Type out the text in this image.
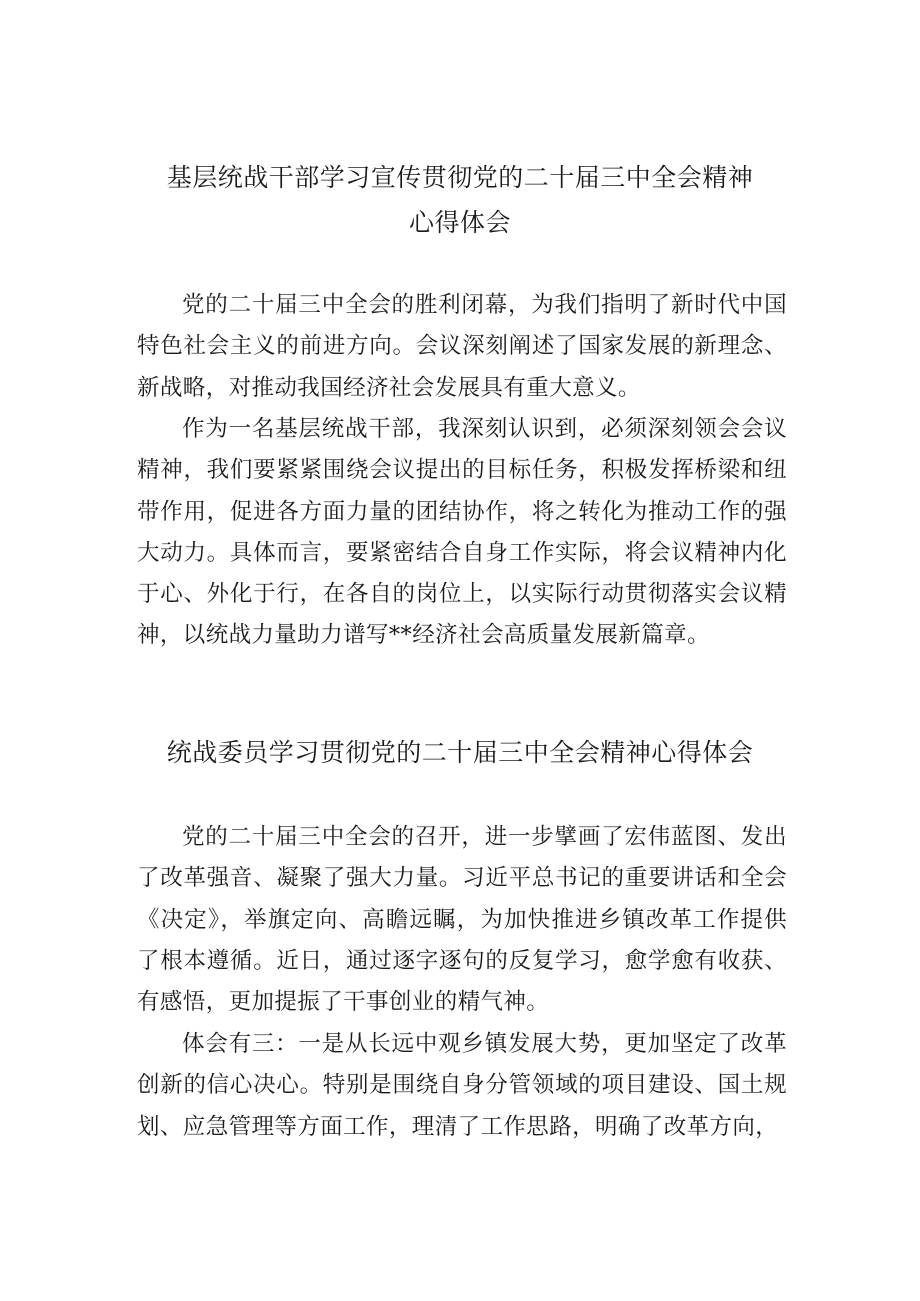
基层统战干部学习宣传贯彻党的二十届三中全会精神
心得体会

党的二十届三中全会的胜利闭幕，为我们指明了新时代中国特色社会主义的前进方向。会议深刻阐述了国家发展的新理念、新战略，对推动我国经济社会发展具有重大意义。

作为一名基层统战干部，我深刻认识到，必须深刻领会会议精神，我们要紧紧围绕会议提出的目标任务，积极发挥桥梁和纽带作用，促进各方面力量的团结协作，将之转化为推动工作的强大动力。具体而言，要紧密结合自身工作实际，将会议精神内化于心、外化于行，在各自的岗位上，以实际行动贯彻落实会议精神，以统战力量助力谱写**经济社会高质量发展新篇章。

统战委员学习贯彻党的二十届三中全会精神心得体会

党的二十届三中全会的召开，进一步擘画了宏伟蓝图、发出了改革强音、凝聚了强大力量。习近平总书记的重要讲话和全会《决定》，举旗定向、高瞻远瞩，为加快推进乡镇改革工作提供了根本遵循。近日，通过逐字逐句的反复学习，愈学愈有收获、有感悟，更加提振了干事创业的精气神。

体会有三：一是从长远中观乡镇发展大势，更加坚定了改革创新的信心决心。特别是围绕自身分管领域的项目建设、国土规划、应急管理等方面工作，理清了工作思路，明确了改革方向，
